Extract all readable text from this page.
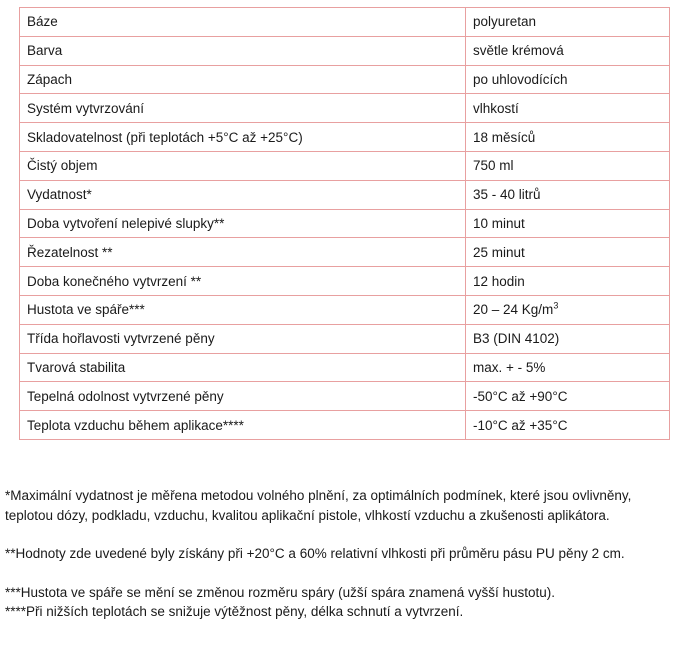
Báze	polyuretan
Barva	světle krémová
Zápach	po uhlovodících
Systém vytvrzování	vlhkostí
Skladovatelnost (při teplotách +5°C až +25°C)	18 měsíců
Čistý objem	750 ml
Vydatnost*	35 - 40 litrů
Doba vytvoření nelepivé slupky**	10 minut
Řezatelnost **	25 minut
Doba konečného vytvrzení **	12 hodin
Hustota ve spáře***	20 – 24 $Kg/m^3$
Třída hořlavosti vytvrzené pěny	B3 (DIN 4102)
Tvarová stabilita	max. + - 5%
Tepelná odolnost vytvrzené pěny	-50°C až +90°C
Teplota vzduchu během aplikace****	-10°C až +35°C

*Maximální vydatnost je měřena metodou volného plnění, za optimálních podmínek, které jsou ovlivněny, teplotou dózy, podkladu, vzduchu, kvalitou aplikační pistole, vlhkostí vzduchu a zkušenosti aplikátora.

**Hodnoty zde uvedené byly získány při +20°C a 60% relativní vlhkosti při průměru pásu PU pěny 2 cm.

***Hustota ve spáře se mění se změnou rozměru spáry (užší spára znamená vyšší hustotu).

****Při nižších teplotách se snižuje výtěžnost pěny, délka schnutí a vytvrzení.
